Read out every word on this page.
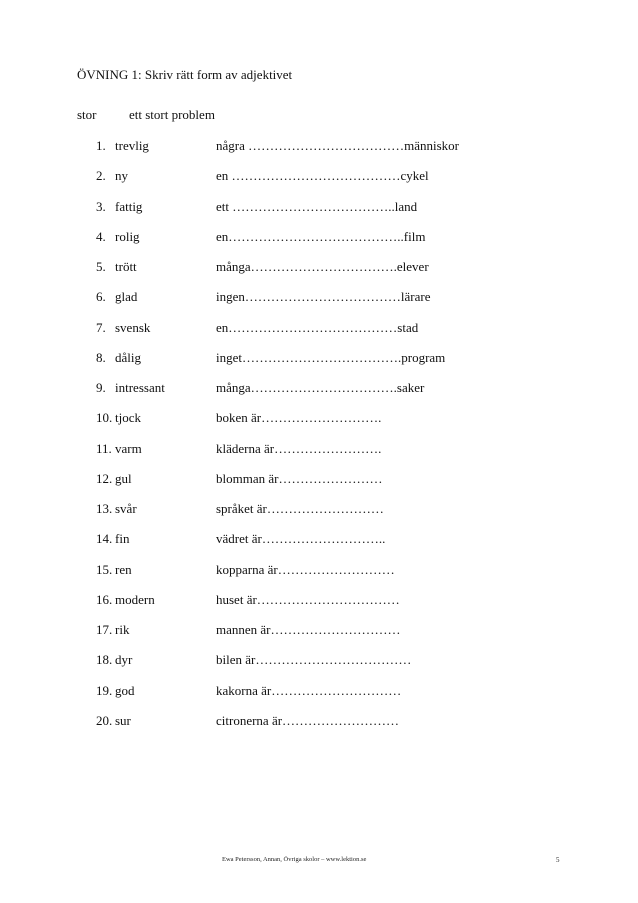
ÖVNING 1: Skriv rätt form av adjektivet
stor	ett stort problem
1. trevlig	några ………………………………människor
2. ny	en …………………………………cykel
3. fattig	ett ………………………………..land
4. rolig	en…………………………………..film
5. trött	många…………………………….elever
6. glad	ingen………………………………lärare
7. svensk	en…………………………………stad
8. dålig	inget……………………………….program
9. intressant	många…………………………….saker
10. tjock	boken är……………………….
11. varm	kläderna är…………………….
12. gul	blomman är……………………
13. svår	språket är………………………
14. fin	vädret är………………………..
15. ren	kopparna är………………………
16. modern	huset är……………………………
17. rik	mannen är…………………………
18. dyr	bilen är………………………………
19. god	kakorna är…………………………
20. sur	citronerna är………………………
Ewa Petersson, Annan, Övriga skolor – www.lektion.se	5
